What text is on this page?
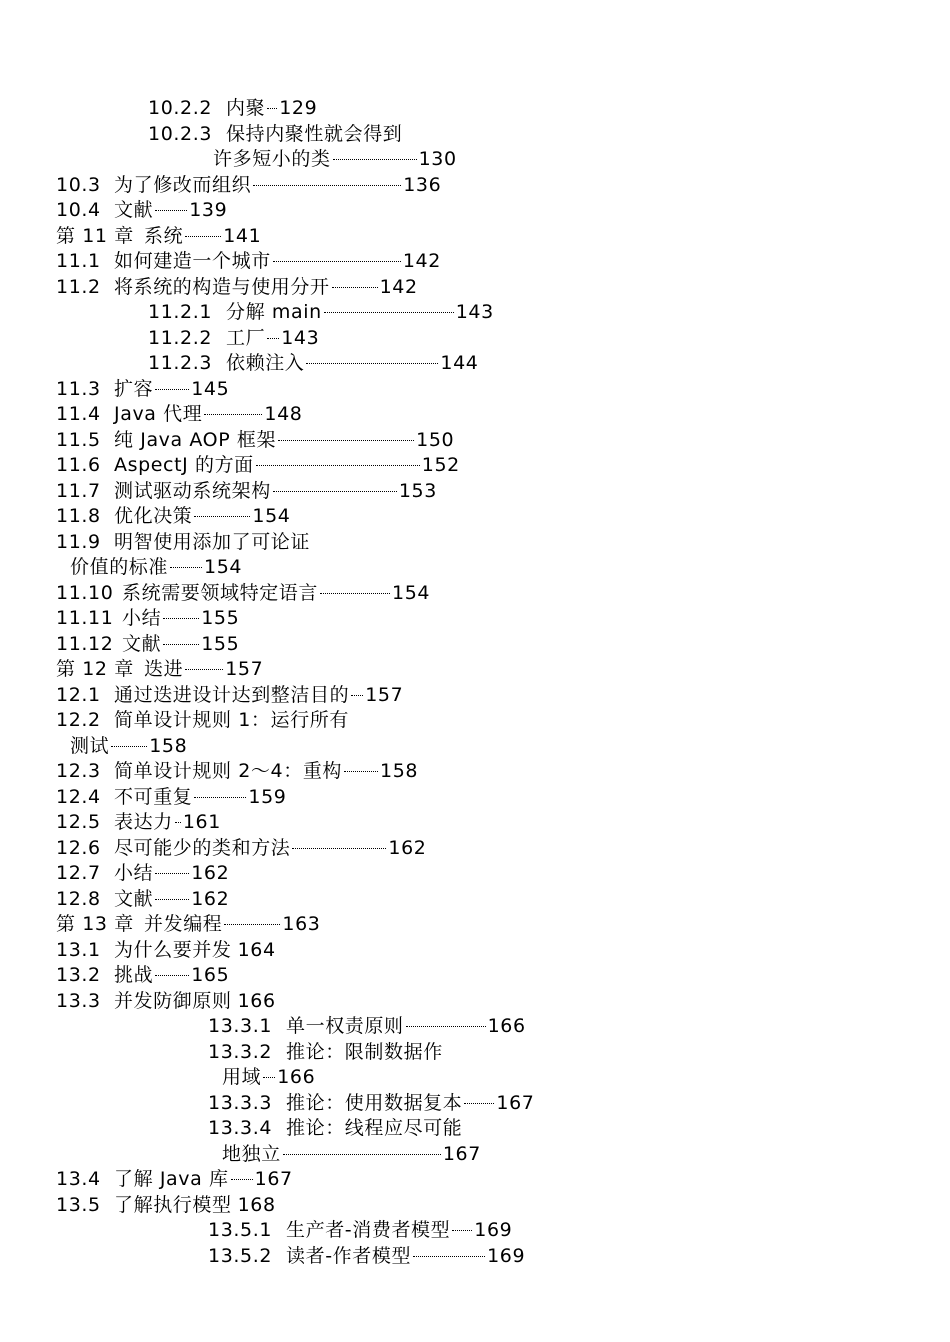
10.2.2 内聚 129
10.2.3 保持内聚性就会得到
许多短小的类	130
10.3 为了修改而组织	136
10.4 文献 139
第 11 章 系统 141
11.1 如何建造一个城市	142
11.2 将系统的构造与使用分开	142
11.2.1 分解 main	143
11.2.2 工厂 143
11.2.3 依赖注入	144
11.3 扩容 145
11.4 Java 代理	148
11.5 纯 Java AOP 框架	150
11.6 AspectJ 的方面	152
11.7 测试驱动系统架构	153
11.8 优化决策	154
11.9 明智使用添加了可论证
价值的标准 154
11.10 系统需要领域特定语言	154
11.11 小结 155
11.12 文献 155
第 12 章 迭进 157
12.1 通过迭进设计达到整洁目的 157
12.2 简单设计规则 1：运行所有
测试 158
12.3 简单设计规则 2～4：重构 158
12.4 不可重复	159
12.5 表达力 161
12.6 尽可能少的类和方法	162
12.7 小结 162
12.8 文献 162
第 13 章 并发编程	163
13.1 为什么要并发 164
13.2 挑战 165
13.3 并发防御原则 166
13.3.1 单一权责原则	166
13.3.2 推论：限制数据作
用域 166
13.3.3 推论：使用数据复本 167
13.3.4 推论：线程应尽可能
地独立	167
13.4 了解 Java 库 167
13.5 了解执行模型 168
13.5.1 生产者-消费者模型 169
13.5.2 读者-作者模型	169
